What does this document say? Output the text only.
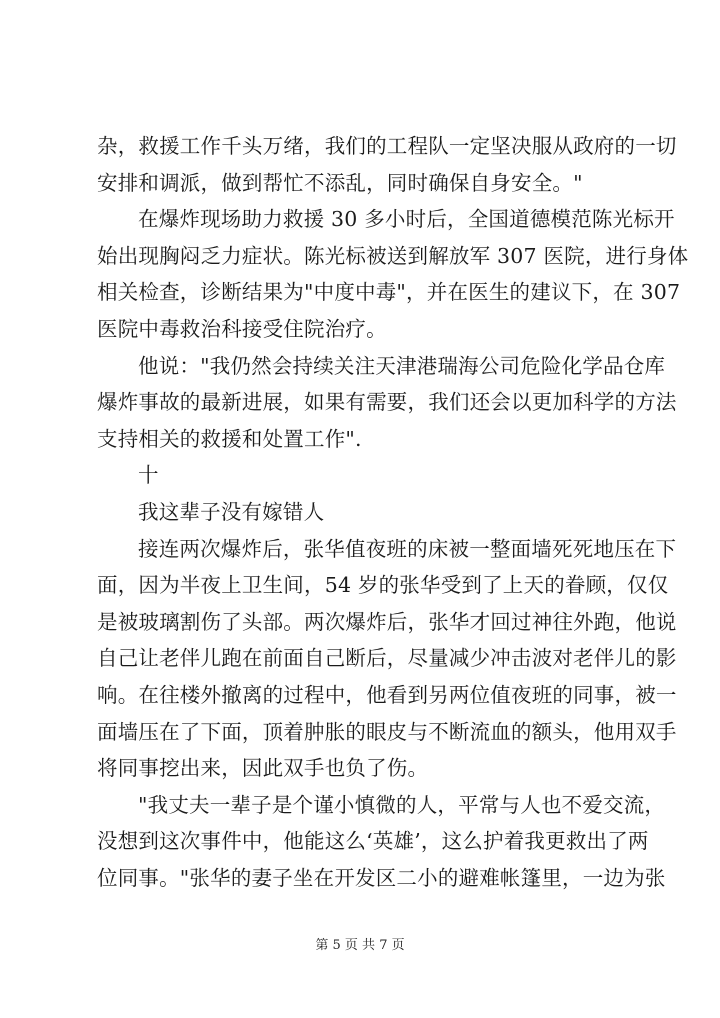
杂，救援工作千头万绪，我们的工程队一定坚决服从政府的一切
安排和调派，做到帮忙不添乱，同时确保自身安全。"
在爆炸现场助力救援 30 多小时后，全国道德模范陈光标开
始出现胸闷乏力症状。陈光标被送到解放军 307 医院，进行身体
相关检查，诊断结果为"中度中毒"，并在医生的建议下，在 307
医院中毒救治科接受住院治疗。
他说："我仍然会持续关注天津港瑞海公司危险化学品仓库
爆炸事故的最新进展，如果有需要，我们还会以更加科学的方法
支持相关的救援和处置工作".
十
我这辈子没有嫁错人
接连两次爆炸后，张华值夜班的床被一整面墙死死地压在下
面，因为半夜上卫生间，54 岁的张华受到了上天的眷顾，仅仅
是被玻璃割伤了头部。两次爆炸后，张华才回过神往外跑，他说
自己让老伴儿跑在前面自己断后，尽量减少冲击波对老伴儿的影
响。在往楼外撤离的过程中，他看到另两位值夜班的同事，被一
面墙压在了下面，顶着肿胀的眼皮与不断流血的额头，他用双手
将同事挖出来，因此双手也负了伤。
"我丈夫一辈子是个谨小慎微的人，平常与人也不爱交流，
没想到这次事件中，他能这么‘英雄’，这么护着我更救出了两
位同事。"张华的妻子坐在开发区二小的避难帐篷里，一边为张
第 5 页 共 7 页
